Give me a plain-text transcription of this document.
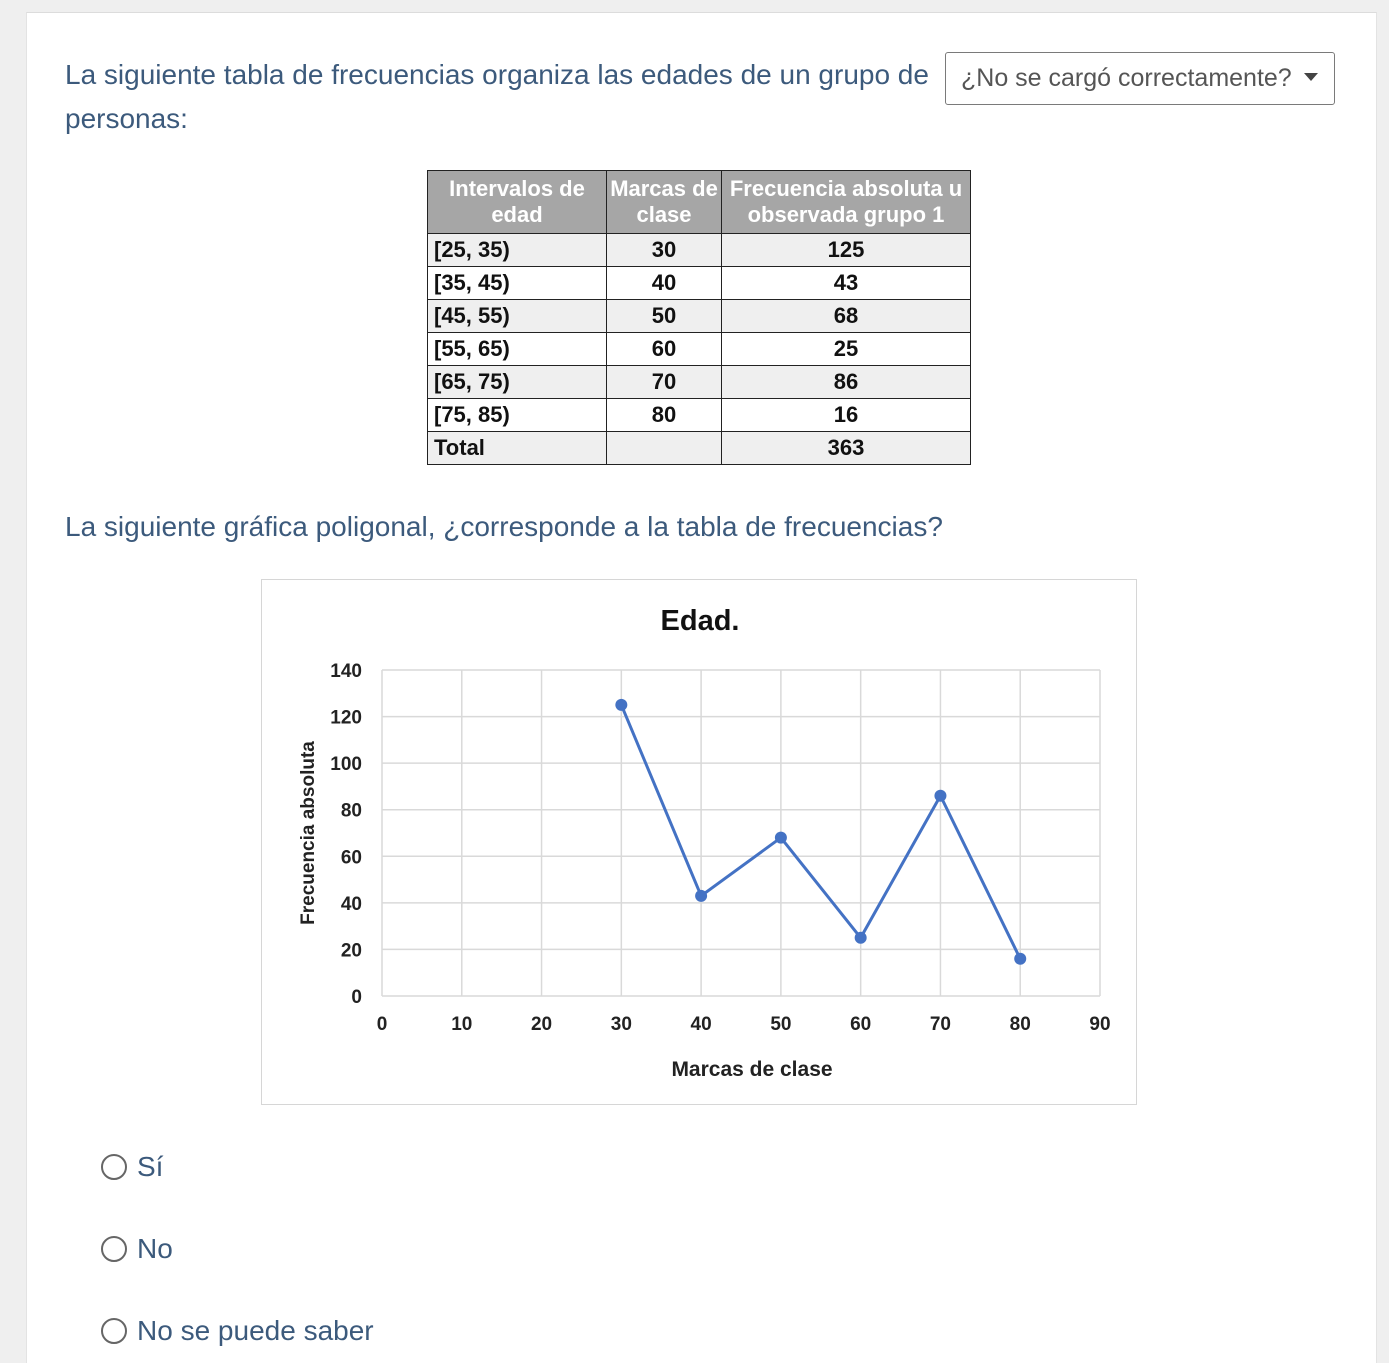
La siguiente tabla de frecuencias organiza las edades de un grupo de personas:
¿No se cargó correctamente?
Intervalos de edad	Marcas de clase	Frecuencia absoluta u observada grupo 1
[25, 35)	30	125
[35, 45)	40	43
[45, 55)	50	68
[55, 65)	60	25
[65, 75)	70	86
[75, 85)	80	16
Total		363
La siguiente gráfica poligonal, ¿corresponde a la tabla de frecuencias?
0
20
40
60
80
100
120
140
0	10	20	30	40	50	60	70	80	90
Edad.
Marcas de clase
Frecuencia absoluta
Sí
No
No se puede saber
